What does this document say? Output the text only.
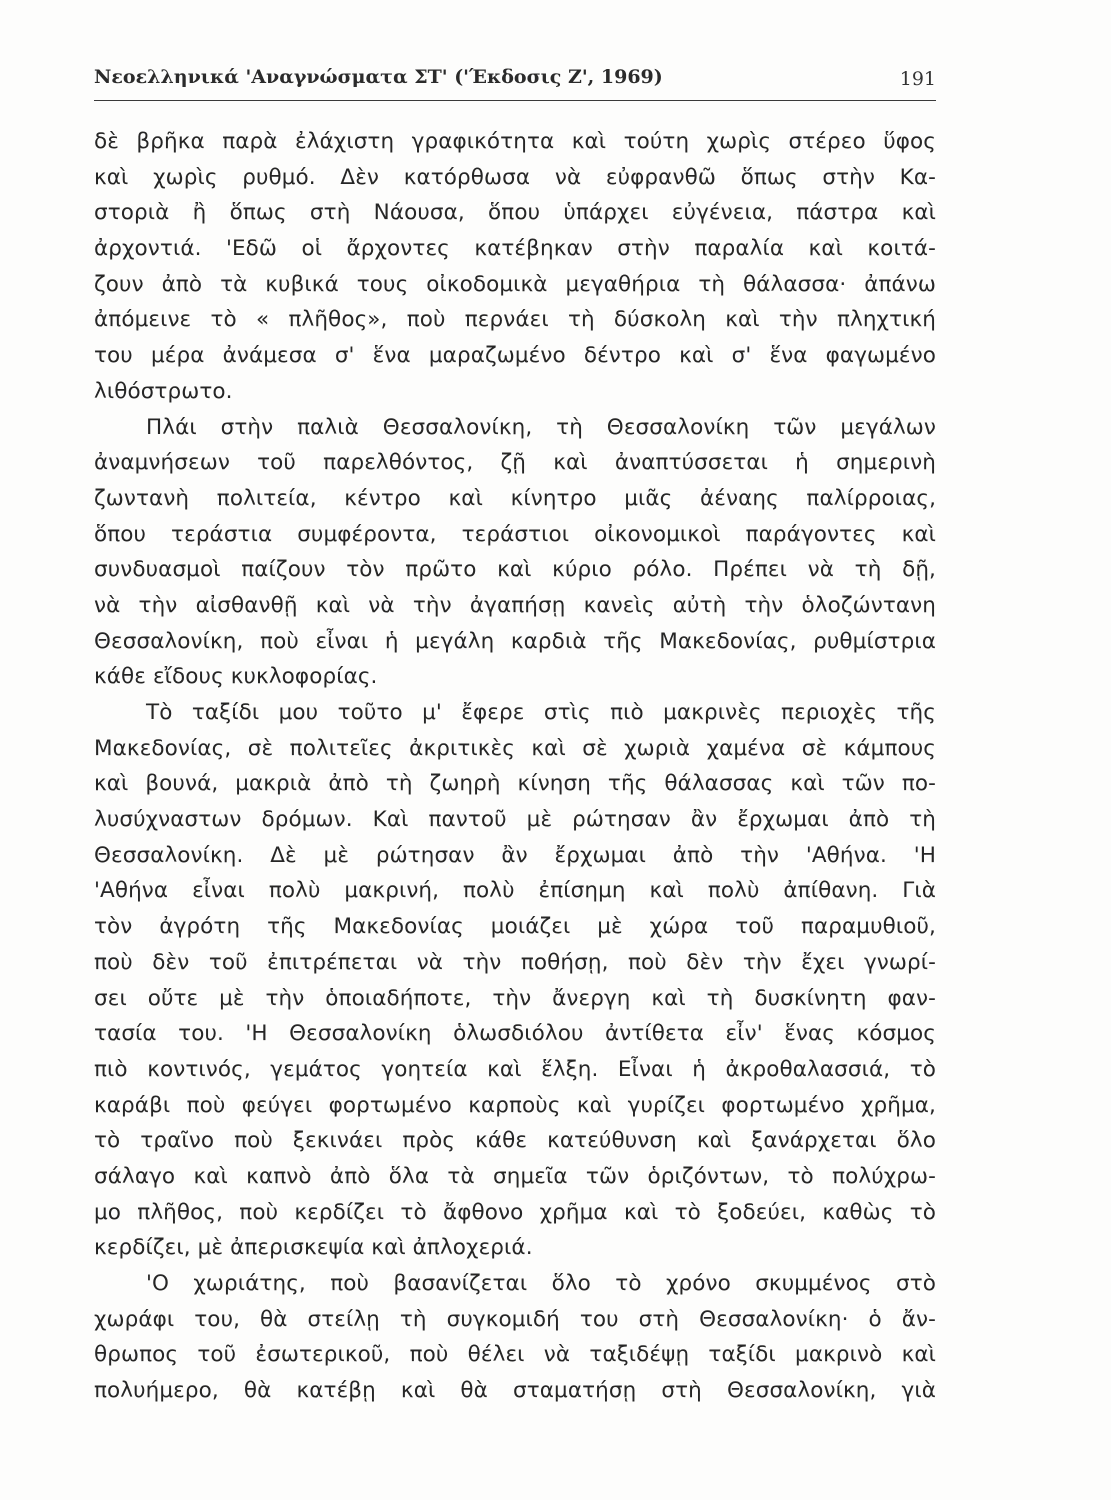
Νεοελληνικά 'Αναγνώσματα ΣΤ' ('Έκδοσις Ζ', 1969)	191
δὲ βρῆκα παρὰ ἐλάχιστη γραφικότητα καὶ τούτη χωρὶς στέρεο ὕφος
καὶ χωρὶς ρυθμό. Δὲν κατόρθωσα νὰ εὐφρανθῶ ὅπως στὴν Κα-
στοριὰ ἢ ὅπως στὴ Νάουσα, ὅπου ὑπάρχει εὐγένεια, πάστρα καὶ
ἀρχοντιά. 'Εδῶ οἱ ἄρχοντες κατέβηκαν στὴν παραλία καὶ κοιτά-
ζουν ἀπὸ τὰ κυβικά τους οἰκοδομικὰ μεγαθήρια τὴ θάλασσα· ἀπάνω
ἀπόμεινε τὸ « πλῆθος», ποὺ περνάει τὴ δύσκολη καὶ τὴν πληχτική
του μέρα ἀνάμεσα σ' ἕνα μαραζωμένο δέντρο καὶ σ' ἕνα φαγωμένο
λιθόστρωτο.
Πλάι στὴν παλιὰ Θεσσαλονίκη, τὴ Θεσσαλονίκη τῶν μεγάλων
ἀναμνήσεων τοῦ παρελθόντος, ζῇ καὶ ἀναπτύσσεται ἡ σημερινὴ
ζωντανὴ πολιτεία, κέντρο καὶ κίνητρο μιᾶς ἀέναης παλίρροιας,
ὅπου τεράστια συμφέροντα, τεράστιοι οἰκονομικοὶ παράγοντες καὶ
συνδυασμοὶ παίζουν τὸν πρῶτο καὶ κύριο ρόλο. Πρέπει νὰ τὴ δῇ,
νὰ τὴν αἰσθανθῇ καὶ νὰ τὴν ἀγαπήσῃ κανεὶς αὐτὴ τὴν ὁλοζώντανη
Θεσσαλονίκη, ποὺ εἶναι ἡ μεγάλη καρδιὰ τῆς Μακεδονίας, ρυθμίστρια
κάθε εἴδους κυκλοφορίας.
Τὸ ταξίδι μου τοῦτο μ' ἔφερε στὶς πιὸ μακρινὲς περιοχὲς τῆς
Μακεδονίας, σὲ πολιτεῖες ἀκριτικὲς καὶ σὲ χωριὰ χαμένα σὲ κάμπους
καὶ βουνά, μακριὰ ἀπὸ τὴ ζωηρὴ κίνηση τῆς θάλασσας καὶ τῶν πο-
λυσύχναστων δρόμων. Καὶ παντοῦ μὲ ρώτησαν ἂν ἔρχωμαι ἀπὸ τὴ
Θεσσαλονίκη. Δὲ μὲ ρώτησαν ἂν ἔρχωμαι ἀπὸ τὴν 'Αθήνα. 'Η
'Αθήνα εἶναι πολὺ μακρινή, πολὺ ἐπίσημη καὶ πολὺ ἀπίθανη. Γιὰ
τὸν ἀγρότη τῆς Μακεδονίας μοιάζει μὲ χώρα τοῦ παραμυθιοῦ,
ποὺ δὲν τοῦ ἐπιτρέπεται νὰ τὴν ποθήσῃ, ποὺ δὲν τὴν ἔχει γνωρί-
σει οὔτε μὲ τὴν ὁποιαδήποτε, τὴν ἄνεργη καὶ τὴ δυσκίνητη φαν-
τασία του. 'Η Θεσσαλονίκη ὁλωσδιόλου ἀντίθετα εἶν' ἕνας κόσμος
πιὸ κοντινός, γεμάτος γοητεία καὶ ἕλξη. Εἶναι ἡ ἀκροθαλασσιά, τὸ
καράβι ποὺ φεύγει φορτωμένο καρποὺς καὶ γυρίζει φορτωμένο χρῆμα,
τὸ τραῖνο ποὺ ξεκινάει πρὸς κάθε κατεύθυνση καὶ ξανάρχεται ὅλο
σάλαγο καὶ καπνὸ ἀπὸ ὅλα τὰ σημεῖα τῶν ὁριζόντων, τὸ πολύχρω-
μο πλῆθος, ποὺ κερδίζει τὸ ἄφθονο χρῆμα καὶ τὸ ξοδεύει, καθὼς τὸ
κερδίζει, μὲ ἀπερισκεψία καὶ ἀπλοχεριά.
'Ο χωριάτης, ποὺ βασανίζεται ὅλο τὸ χρόνο σκυμμένος στὸ
χωράφι του, θὰ στείλῃ τὴ συγκομιδή του στὴ Θεσσαλονίκη· ὁ ἄν-
θρωπος τοῦ ἐσωτερικοῦ, ποὺ θέλει νὰ ταξιδέψῃ ταξίδι μακρινὸ καὶ
πολυήμερο, θὰ κατέβῃ καὶ θὰ σταματήσῃ στὴ Θεσσαλονίκη, γιὰ
